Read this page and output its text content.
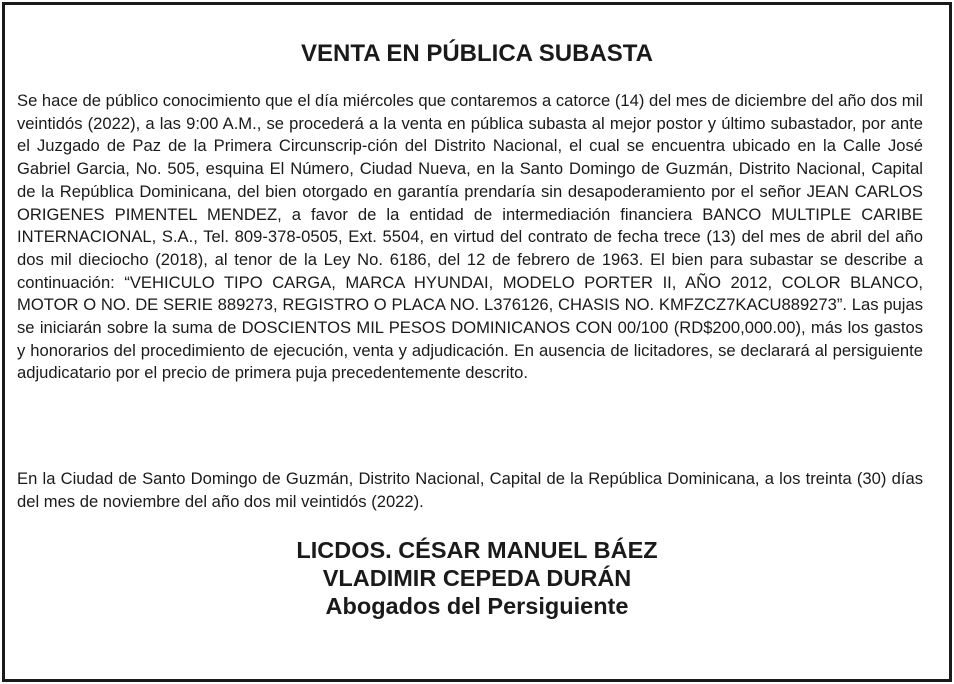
VENTA EN PÚBLICA SUBASTA
Se hace de público conocimiento que el día miércoles que contaremos a catorce (14) del mes de diciembre del año dos mil veintidós (2022), a las 9:00 A.M., se procederá a la venta en pública subasta al mejor postor y último subastador, por ante el Juzgado de Paz de la Primera Circunscrip-ción del Distrito Nacional, el cual se encuentra ubicado en la Calle José Gabriel Garcia, No. 505, esquina El Número, Ciudad Nueva, en la Santo Domingo de Guzmán, Distrito Nacional, Capital de la República Dominicana, del bien otorgado en garantía prendaría sin desapoderamiento por el señor JEAN CARLOS ORIGENES PIMENTEL MENDEZ, a favor de la entidad de intermediación financiera BANCO MULTIPLE CARIBE INTERNACIONAL, S.A., Tel. 809-378-0505, Ext. 5504, en virtud del contrato de fecha trece (13) del mes de abril del año dos mil dieciocho (2018), al tenor de la Ley No. 6186, del 12 de febrero de 1963. El bien para subastar se describe a continuación: “VEHICULO TIPO CARGA, MARCA HYUNDAI, MODELO PORTER II, AÑO 2012, COLOR BLANCO, MOTOR O NO. DE SERIE 889273, REGISTRO O PLACA NO. L376126, CHASIS NO. KMFZCZ7KACU889273”. Las pujas se iniciarán sobre la suma de DOSCIENTOS MIL PESOS DOMINICANOS CON 00/100 (RD$200,000.00), más los gastos y honorarios del procedimiento de ejecución, venta y adjudicación. En ausencia de licitadores, se declarará al persiguiente adjudicatario por el precio de primera puja precedentemente descrito.
En la Ciudad de Santo Domingo de Guzmán, Distrito Nacional, Capital de la República Dominicana, a los treinta (30) días del mes de noviembre del año dos mil veintidós (2022).
LICDOS. CÉSAR MANUEL BÁEZ
VLADIMIR CEPEDA DURÁN
Abogados del Persiguiente
